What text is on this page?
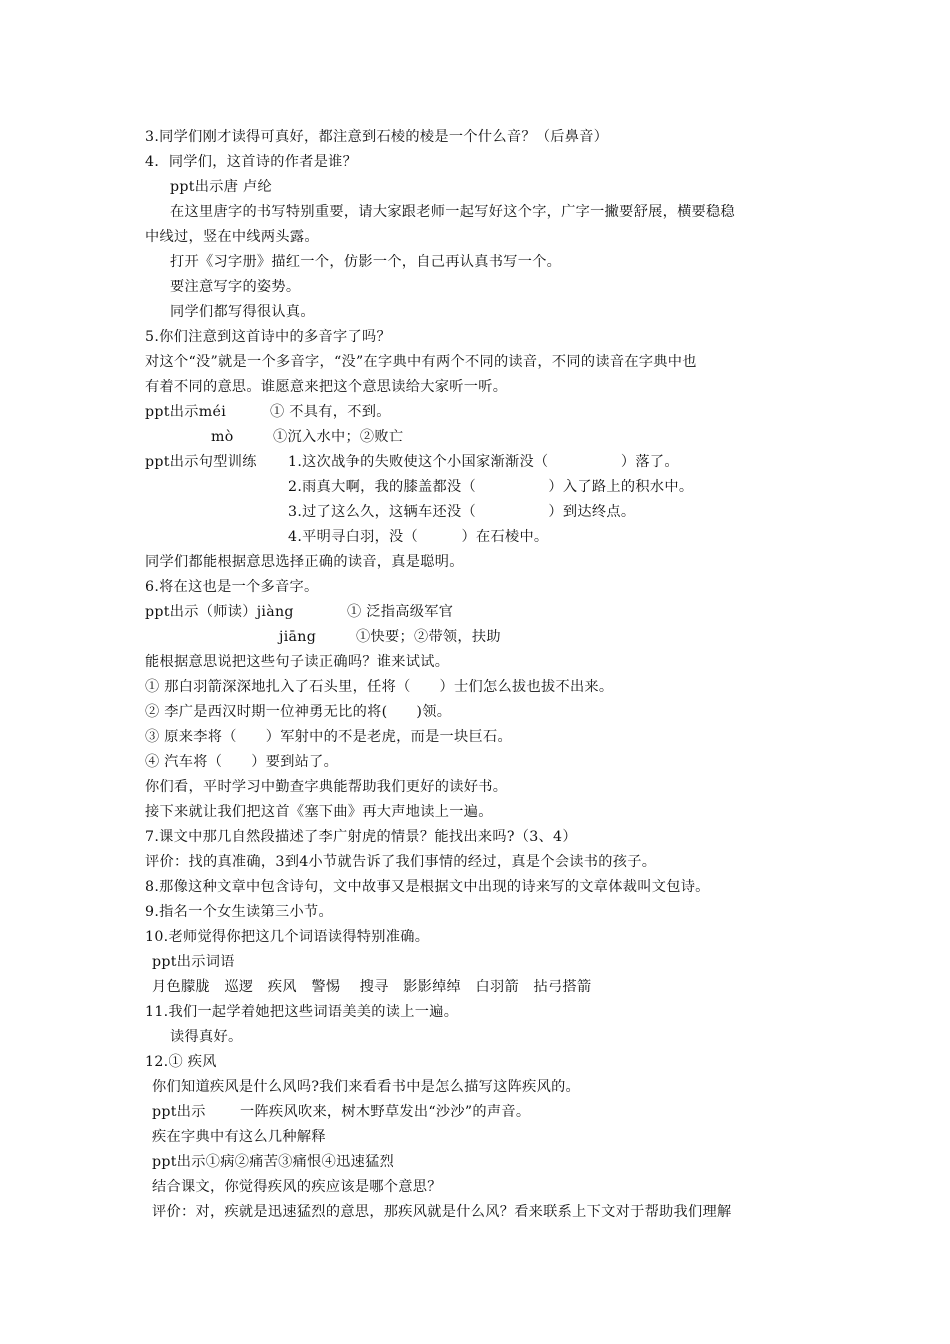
3.同学们刚才读得可真好，都注意到石棱的棱是一个什么音？（后鼻音）
4．同学们，这首诗的作者是谁？
ppt出示唐 卢纶
在这里唐字的书写特别重要，请大家跟老师一起写好这个字，广字一撇要舒展，横要稳稳
中线过，竖在中线两头露。
打开《习字册》描红一个，仿影一个，自己再认真书写一个。
要注意写字的姿势。
同学们都写得很认真。
5.你们注意到这首诗中的多音字了吗？
对这个“没”就是一个多音字，“没”在字典中有两个不同的读音，不同的读音在字典中也
有着不同的意思。谁愿意来把这个意思读给大家听一听。
ppt出示méi	① 不具有，不到。
mò	①沉入水中；②败亡
ppt出示句型训练 1.这次战争的失败使这个小国家渐渐没（　　　　　）落了。
2.雨真大啊，我的膝盖都没（　　　　　）入了路上的积水中。
3.过了这么久，这辆车还没（　　　　　）到达终点。
4.平明寻白羽，没（　　　）在石棱中。
同学们都能根据意思选择正确的读音，真是聪明。
6.将在这也是一个多音字。
ppt出示（师读）jiàng	① 泛指高级军官
jiāng	①快要；②带领，扶助
能根据意思说把这些句子读正确吗？谁来试试。
① 那白羽箭深深地扎入了石头里，任将（　　）士们怎么拔也拔不出来。
② 李广是西汉时期一位神勇无比的将(　　)领。
③ 原来李将（　　）军射中的不是老虎，而是一块巨石。
④ 汽车将（　　）要到站了。
你们看，平时学习中勤查字典能帮助我们更好的读好书。
接下来就让我们把这首《塞下曲》再大声地读上一遍。
7.课文中那几自然段描述了李广射虎的情景？能找出来吗?（3、4）
评价：找的真准确，3到4小节就告诉了我们事情的经过，真是个会读书的孩子。
8.那像这种文章中包含诗句，文中故事又是根据文中出现的诗来写的文章体裁叫文包诗。
9.指名一个女生读第三小节。
10.老师觉得你把这几个词语读得特别准确。
ppt出示词语
月色朦胧　巡逻　疾风　警惕　 搜寻　影影绰绰　白羽箭　拈弓搭箭
11.我们一起学着她把这些词语美美的读上一遍。
读得真好。
12.① 疾风
你们知道疾风是什么风吗?我们来看看书中是怎么描写这阵疾风的。
ppt出示 一阵疾风吹来，树木野草发出“沙沙”的声音。
疾在字典中有这么几种解释
ppt出示①病②痛苦③痛恨④迅速猛烈
结合课文，你觉得疾风的疾应该是哪个意思？
评价：对，疾就是迅速猛烈的意思，那疾风就是什么风？看来联系上下文对于帮助我们理解
